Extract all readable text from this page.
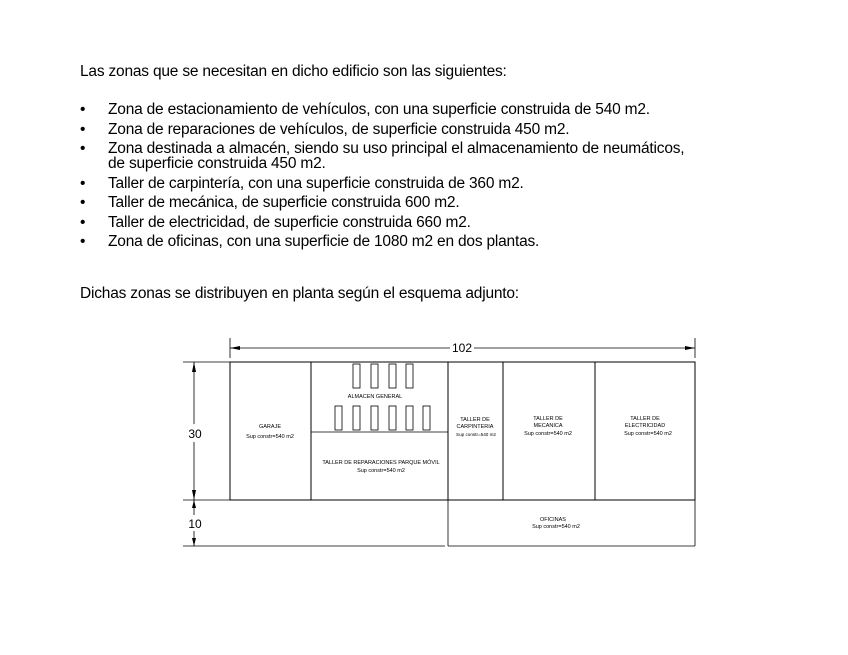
Las zonas que se necesitan en dicho edificio son las siguientes:

• Zona de estacionamiento de vehículos, con una superficie construida de 540 m2.
• Zona de reparaciones de vehículos, de superficie construida 450 m2.
• Zona destinada a almacén, siendo su uso principal el almacenamiento de neumáticos, de superficie construida 450 m2.
• Taller de carpintería, con una superficie construida de 360 m2.
• Taller de mecánica, de superficie construida 600 m2.
• Taller de electricidad, de superficie construida 660 m2.
• Zona de oficinas, con una superficie de 1080 m2 en dos plantas.

Dichas zonas se distribuyen en planta según el esquema adjunto:

102
30
10
GARAJE
Sup constr=540 m2
ALMACEN GENERAL
TALLER DE REPARACIONES PARQUE MÓVIL
Sup constr=540 m2
TALLER DE
CARPINTERIA
Sup constr=540 m2
TALLER DE
MECANICA
Sup constr=540 m2
TALLER DE
ELECTRICIDAD
Sup constr=540 m2
OFICINAS
Sup constr=540 m2
